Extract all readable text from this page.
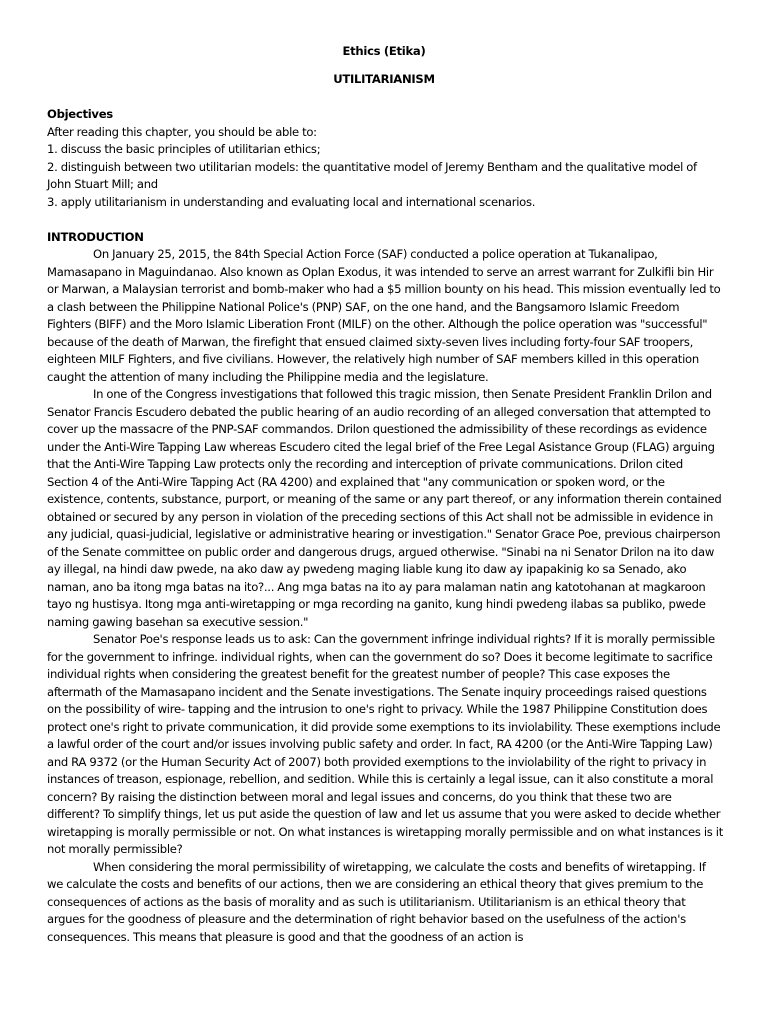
Ethics (Etika)
UTILITARIANISM

Objectives

After reading this chapter, you should be able to:

1. discuss the basic principles of utilitarian ethics;
2. distinguish between two utilitarian models: the quantitative model of Jeremy Bentham and the qualitative model of John Stuart Mill; and
3. apply utilitarianism in understanding and evaluating local and international scenarios.

INTRODUCTION

On January 25, 2015, the 84th Special Action Force (SAF) conducted a police operation at Tukanalipao, Mamasapano in Maguindanao. Also known as Oplan Exodus, it was intended to serve an arrest warrant for Zulkifli bin Hir or Marwan, a Malaysian terrorist and bomb-maker who had a $5 million bounty on his head. This mission eventually led to a clash between the Philippine National Police's (PNP) SAF, on the one hand, and the Bangsamoro Islamic Freedom Fighters (BIFF) and the Moro Islamic Liberation Front (MILF) on the other. Although the police operation was "successful" because of the death of Marwan, the firefight that ensued claimed sixty-seven lives including forty-four SAF troopers, eighteen MILF Fighters, and five civilians. However, the relatively high number of SAF members killed in this operation caught the attention of many including the Philippine media and the legislature.

In one of the Congress investigations that followed this tragic mission, then Senate President Franklin Drilon and Senator Francis Escudero debated the public hearing of an audio recording of an alleged conversation that attempted to cover up the massacre of the PNP-SAF commandos. Drilon questioned the admissibility of these recordings as evidence under the Anti-Wire Tapping Law whereas Escudero cited the legal brief of the Free Legal Asistance Group (FLAG) arguing that the Anti-Wire Tapping Law protects only the recording and interception of private communications. Drilon cited Section 4 of the Anti-Wire Tapping Act (RA 4200) and explained that "any communication or spoken word, or the existence, contents, substance, purport, or meaning of the same or any part thereof, or any information therein contained obtained or secured by any person in violation of the preceding sections of this Act shall not be admissible in evidence in any judicial, quasi-judicial, legislative or administrative hearing or investigation." Senator Grace Poe, previous chairperson of the Senate committee on public order and dangerous drugs, argued otherwise. "Sinabi na ni Senator Drilon na ito daw ay illegal, na hindi daw pwede, na ako daw ay pwedeng maging liable kung ito daw ay ipapakinig ko sa Senado, ako naman, ano ba itong mga batas na ito?... Ang mga batas na ito ay para malaman natin ang katotohanan at magkaroon tayo ng hustisya. Itong mga anti-wiretapping or mga recording na ganito, kung hindi pwedeng ilabas sa publiko, pwede naming gawing basehan sa executive session."

Senator Poe's response leads us to ask: Can the government infringe individual rights? If it is morally permissible for the government to infringe. individual rights, when can the government do so? Does it become legitimate to sacrifice individual rights when considering the greatest benefit for the greatest number of people? This case exposes the aftermath of the Mamasapano incident and the Senate investigations. The Senate inquiry proceedings raised questions on the possibility of wire- tapping and the intrusion to one's right to privacy. While the 1987 Philippine Constitution does protect one's right to private communication, it did provide some exemptions to its inviolability. These exemptions include a lawful order of the court and/or issues involving public safety and order. In fact, RA 4200 (or the Anti-Wire Tapping Law) and RA 9372 (or the Human Security Act of 2007) both provided exemptions to the inviolability of the right to privacy in instances of treason, espionage, rebellion, and sedition. While this is certainly a legal issue, can it also constitute a moral concern? By raising the distinction between moral and legal issues and concerns, do you think that these two are different? To simplify things, let us put aside the question of law and let us assume that you were asked to decide whether wiretapping is morally permissible or not. On what instances is wiretapping morally permissible and on what instances is it not morally permissible?

When considering the moral permissibility of wiretapping, we calculate the costs and benefits of wiretapping. If we calculate the costs and benefits of our actions, then we are considering an ethical theory that gives premium to the consequences of actions as the basis of morality and as such is utilitarianism. Utilitarianism is an ethical theory that argues for the goodness of pleasure and the determination of right behavior based on the usefulness of the action's consequences. This means that pleasure is good and that the goodness of an action is
